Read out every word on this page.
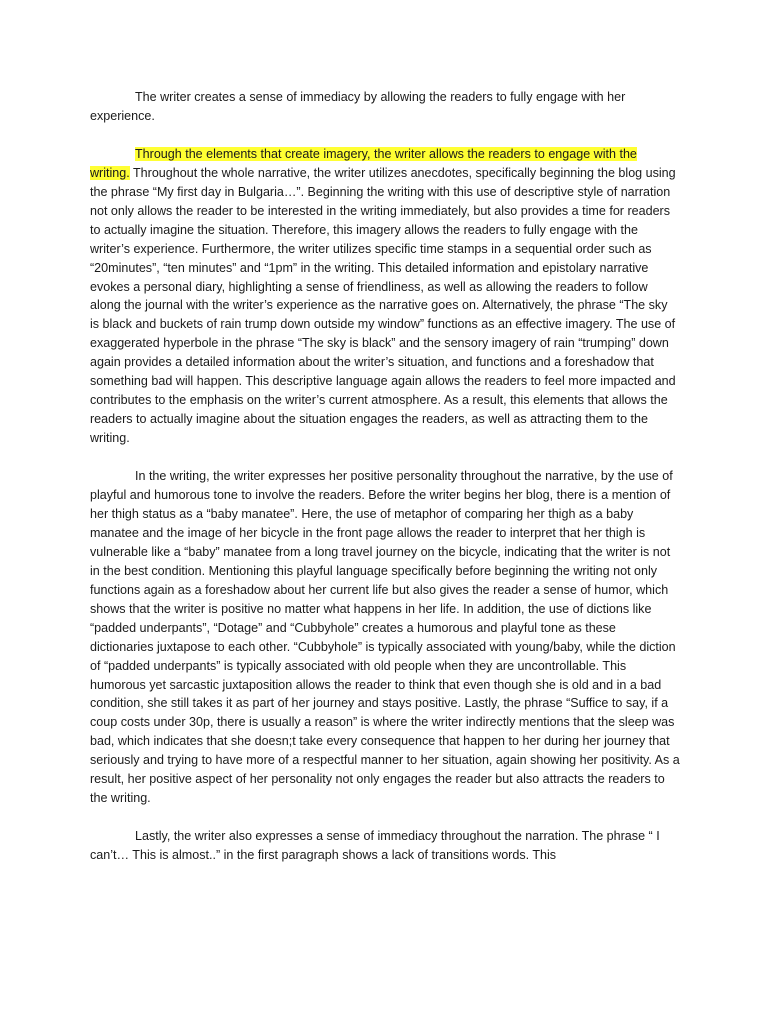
The writer creates a sense of immediacy by allowing the readers to fully engage with her experience.

Through the elements that create imagery, the writer allows the readers to engage with the writing. Throughout the whole narrative, the writer utilizes anecdotes, specifically beginning the blog using the phrase “My first day in Bulgaria…”. Beginning the writing with this use of descriptive style of narration not only allows the reader to be interested in the writing immediately, but also provides a time for readers to actually imagine the situation. Therefore, this imagery allows the readers to fully engage with the writer’s experience. Furthermore, the writer utilizes specific time stamps in a sequential order such as “20minutes”, “ten minutes” and “1pm” in the writing. This detailed information and epistolary narrative evokes a personal diary, highlighting a sense of friendliness, as well as allowing the readers to follow along the journal with the writer’s experience as the narrative goes on. Alternatively, the phrase “The sky is black and buckets of rain trump down outside my window” functions as an effective imagery. The use of exaggerated hyperbole in the phrase “The sky is black” and the sensory imagery of rain “trumping” down again provides a detailed information about the writer’s situation, and functions and a foreshadow that something bad will happen. This descriptive language again allows the readers to feel more impacted and contributes to the emphasis on the writer’s current atmosphere. As a result, this elements that allows the readers to actually imagine about the situation engages the readers, as well as attracting them to the writing.

In the writing, the writer expresses her positive personality throughout the narrative, by the use of playful and humorous tone to involve the readers. Before the writer begins her blog, there is a mention of her thigh status as a “baby manatee”. Here, the use of metaphor of comparing her thigh as a baby manatee and the image of her bicycle in the front page allows the reader to interpret that her thigh is vulnerable like a “baby” manatee from a long travel journey on the bicycle, indicating that the writer is not in the best condition. Mentioning this playful language specifically before beginning the writing not only functions again as a foreshadow about her current life but also gives the reader a sense of humor, which shows that the writer is positive no matter what happens in her life. In addition, the use of dictions like “padded underpants”, “Dotage” and “Cubbyhole” creates a humorous and playful tone as these dictionaries juxtapose to each other. “Cubbyhole” is typically associated with young/baby, while the diction of “padded underpants” is typically associated with old people when they are uncontrollable. This humorous yet sarcastic juxtaposition allows the reader to think that even though she is old and in a bad condition, she still takes it as part of her journey and stays positive. Lastly, the phrase “Suffice to say, if a coup costs under 30p, there is usually a reason” is where the writer indirectly mentions that the sleep was bad, which indicates that she doesn;t take every consequence that happen to her during her journey that seriously and trying to have more of a respectful manner to her situation, again showing her positivity. As a result, her positive aspect of her personality not only engages the reader but also attracts the readers to the writing.

Lastly, the writer also expresses a sense of immediacy throughout the narration. The phrase “ I can’t… This is almost..” in the first paragraph shows a lack of transitions words. This
